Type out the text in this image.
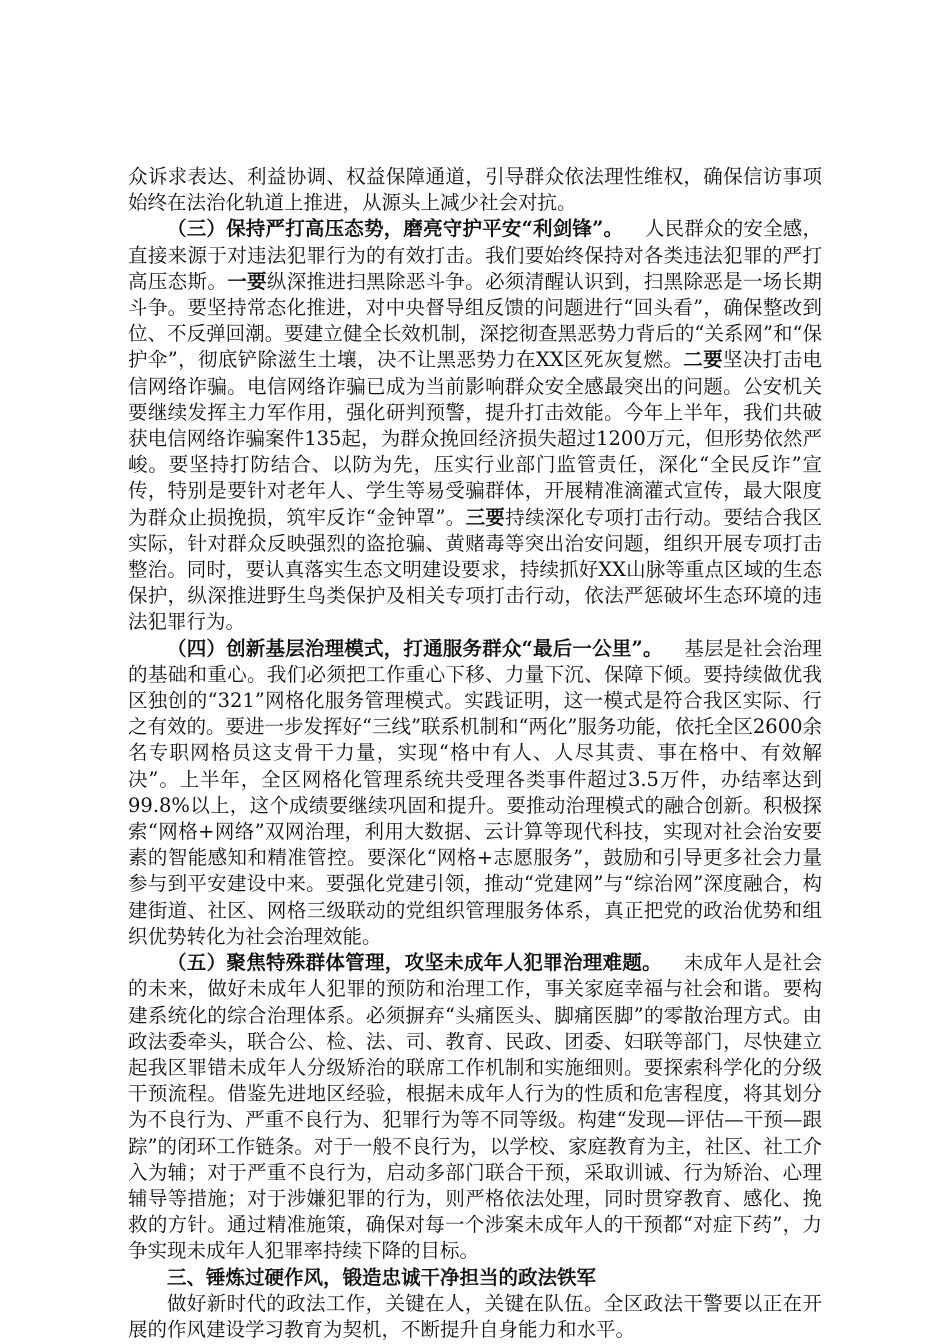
众诉求表达、利益协调、权益保障通道，引导群众依法理性维权，确保信访事项始终在法治化轨道上推进，从源头上减少社会对抗。

（三）保持严打高压态势，磨亮守护平安“利剑锋”。 人民群众的安全感，直接来源于对违法犯罪行为的有效打击。我们要始终保持对各类违法犯罪的严打高压态斯。一要纵深推进扫黑除恶斗争。必须清醒认识到，扫黑除恶是一场长期斗争。要坚持常态化推进，对中央督导组反馈的问题进行“回头看”，确保整改到位、不反弹回潮。要建立健全长效机制，深挖彻查黑恶势力背后的“关系网”和“保护伞”，彻底铲除滋生土壤，决不让黑恶势力在XX区死灰复燃。二要坚决打击电信网络诈骗。电信网络诈骗已成为当前影响群众安全感最突出的问题。公安机关要继续发挥主力军作用，强化研判预警，提升打击效能。今年上半年，我们共破获电信网络诈骗案件135起，为群众挽回经济损失超过1200万元，但形势依然严峻。要坚持打防结合、以防为先，压实行业部门监管责任，深化“全民反诈”宣传，特别是要针对老年人、学生等易受骗群体，开展精准滴灌式宣传，最大限度为群众止损挽损，筑牢反诈“金钟罩”。三要持续深化专项打击行动。要结合我区实际，针对群众反映强烈的盗抢骗、黄赌毒等突出治安问题，组织开展专项打击整治。同时，要认真落实生态文明建设要求，持续抓好XX山脉等重点区域的生态保护，纵深推进野生鸟类保护及相关专项打击行动，依法严惩破坏生态环境的违法犯罪行为。

（四）创新基层治理模式，打通服务群众“最后一公里”。 基层是社会治理的基础和重心。我们必须把工作重心下移、力量下沉、保障下倾。要持续做优我区独创的“321”网格化服务管理模式。实践证明，这一模式是符合我区实际、行之有效的。要进一步发挥好“三线”联系机制和“两化”服务功能，依托全区2600余名专职网格员这支骨干力量，实现“格中有人、人尽其责、事在格中、有效解决”。上半年，全区网格化管理系统共受理各类事件超过3.5万件，办结率达到99.8%以上，这个成绩要继续巩固和提升。要推动治理模式的融合创新。积极探索“网格+网络”双网治理，利用大数据、云计算等现代科技，实现对社会治安要素的智能感知和精准管控。要深化“网格+志愿服务”，鼓励和引导更多社会力量参与到平安建设中来。要强化党建引领，推动“党建网”与“综治网”深度融合，构建街道、社区、网格三级联动的党组织管理服务体系，真正把党的政治优势和组织优势转化为社会治理效能。

（五）聚焦特殊群体管理，攻坚未成年人犯罪治理难题。 未成年人是社会的未来，做好未成年人犯罪的预防和治理工作，事关家庭幸福与社会和谐。要构建系统化的综合治理体系。必须摒弃“头痛医头、脚痛医脚”的零散治理方式。由政法委牵头，联合公、检、法、司、教育、民政、团委、妇联等部门，尽快建立起我区罪错未成年人分级矫治的联席工作机制和实施细则。要探索科学化的分级干预流程。借鉴先进地区经验，根据未成年人行为的性质和危害程度，将其划分为不良行为、严重不良行为、犯罪行为等不同等级。构建“发现—评估—干预—跟踪”的闭环工作链条。对于一般不良行为，以学校、家庭教育为主，社区、社工介入为辅；对于严重不良行为，启动多部门联合干预，采取训诫、行为矫治、心理辅导等措施；对于涉嫌犯罪的行为，则严格依法处理，同时贯穿教育、感化、挽救的方针。通过精准施策，确保对每一个涉案未成年人的干预都“对症下药”，力争实现未成年人犯罪率持续下降的目标。

三、锤炼过硬作风，锻造忠诚干净担当的政法铁军

做好新时代的政法工作，关键在人，关键在队伍。全区政法干警要以正在开展的作风建设学习教育为契机，不断提升自身能力和水平。
